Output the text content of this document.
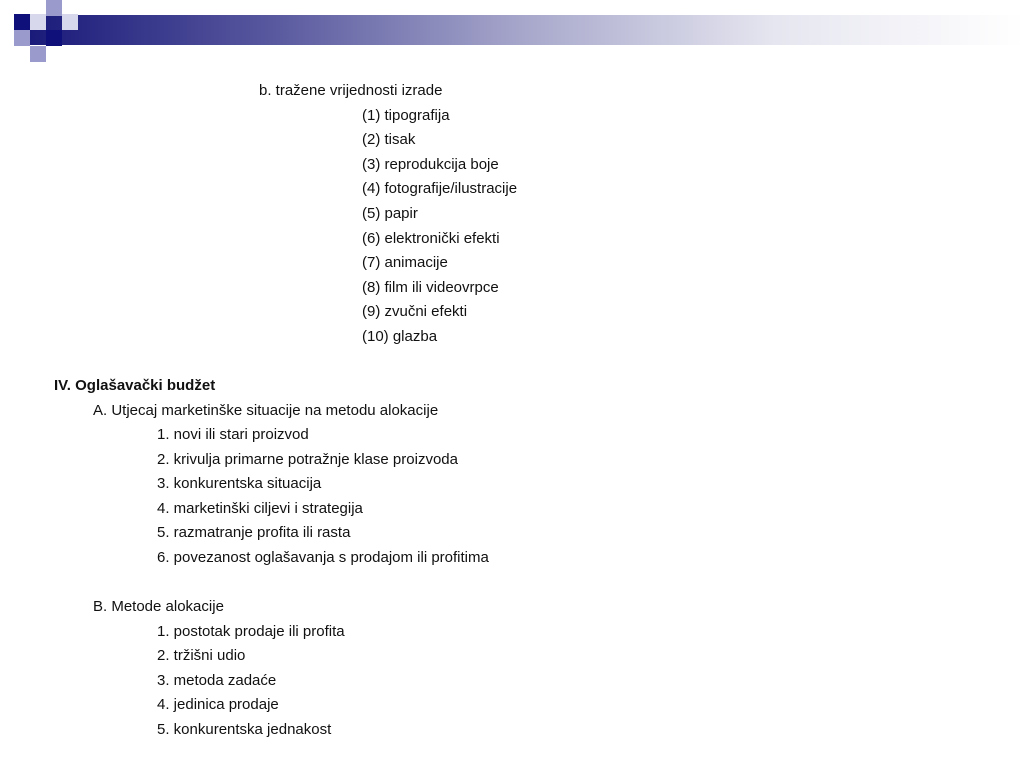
b. tražene vrijednosti izrade
(1) tipografija
(2) tisak
(3) reprodukcija boje
(4) fotografije/ilustracije
(5) papir
(6) elektronički efekti
(7) animacije
(8) film ili videovrpce
(9) zvučni efekti
(10) glazba
IV. Oglašavački budžet
A. Utjecaj marketinške situacije na metodu alokacije
1. novi ili stari proizvod
2. krivulja primarne potražnje klase proizvoda
3. konkurentska situacija
4. marketinški ciljevi i strategija
5. razmatranje profita ili rasta
6. povezanost oglašavanja s prodajom ili profitima
B. Metode alokacije
1. postotak prodaje ili profita
2. tržišni udio
3. metoda zadaće
4. jedinica prodaje
5. konkurentska jednakost
